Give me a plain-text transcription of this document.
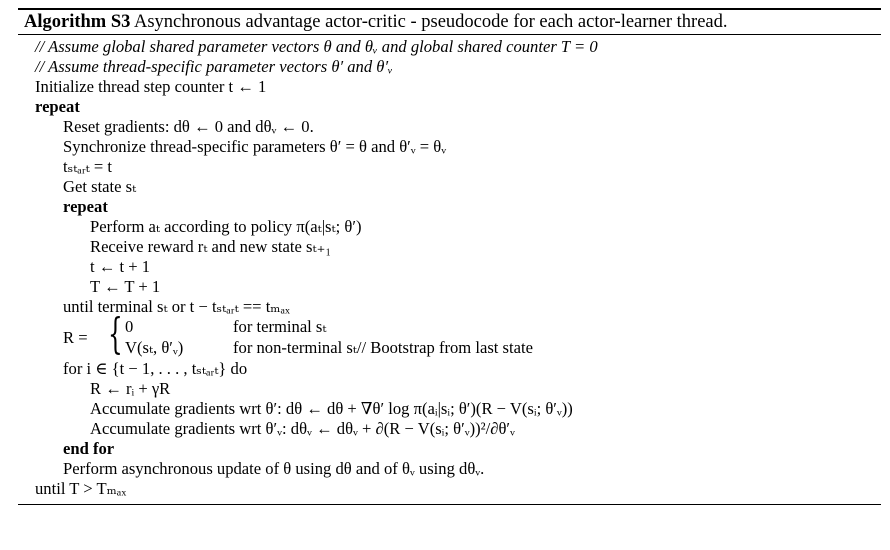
Algorithm S3 Asynchronous advantage actor-critic - pseudocode for each actor-learner thread.
// Assume global shared parameter vectors θ and θᵥ and global shared counter T = 0
// Assume thread-specific parameter vectors θ′ and θ′ᵥ
Initialize thread step counter t ← 1
repeat
Reset gradients: dθ ← 0 and dθᵥ ← 0.
Synchronize thread-specific parameters θ′ = θ and θ′ᵥ = θᵥ
tₛₜₐᵣₜ = t
Get state sₜ
repeat
Perform aₜ according to policy π(aₜ|sₜ; θ′)
Receive reward rₜ and new state sₜ₊₁
t ← t + 1
T ← T + 1
until terminal sₜ or t − tₛₜₐᵣₜ == tₘₐₓ
R = { 0
V(sₜ, θ′ᵥ)
for terminal sₜ
for non-terminal sₜ// Bootstrap from last state
for i ∈ {t − 1, . . . , tₛₜₐᵣₜ} do
R ← rᵢ + γR
Accumulate gradients wrt θ′: dθ ← dθ + ∇θ′ log π(aᵢ|sᵢ; θ′)(R − V(sᵢ; θ′ᵥ))
Accumulate gradients wrt θ′ᵥ: dθᵥ ← dθᵥ + ∂(R − V(sᵢ; θ′ᵥ))²/∂θ′ᵥ
end for
Perform asynchronous update of θ using dθ and of θᵥ using dθᵥ.
until T > Tₘₐₓ
